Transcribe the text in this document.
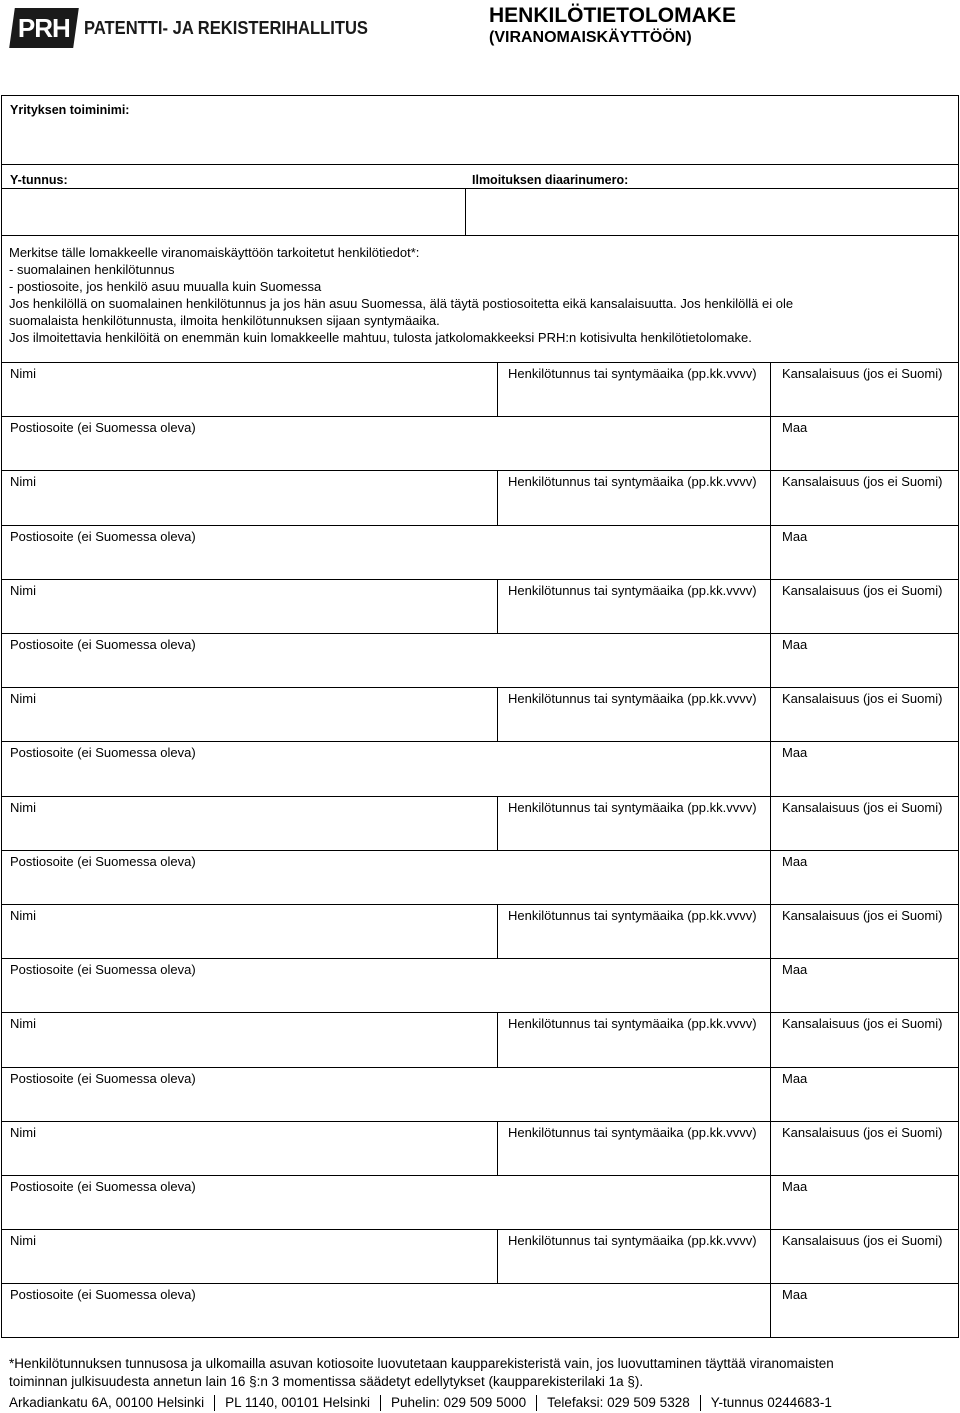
PRH PATENTTI- JA REKISTERIHALLITUS
HENKILÖTIETOLOMAKE
(VIRANOMAISKÄYTTÖÖN)
Yrityksen toiminimi:
Y-tunnus:	Ilmoituksen diaarinumero:
Merkitse tälle lomakkeelle viranomaiskäyttöön tarkoitetut henkilötiedot*:
- suomalainen henkilötunnus
- postiosoite, jos henkilö asuu muualla kuin Suomessa
Jos henkilöllä on suomalainen henkilötunnus ja jos hän asuu Suomessa, älä täytä postiosoitetta eikä kansalaisuutta. Jos henkilöllä ei ole
suomalaista henkilötunnusta, ilmoita henkilötunnuksen sijaan syntymäaika.
Jos ilmoitettavia henkilöitä on enemmän kuin lomakkeelle mahtuu, tulosta jatkolomakkeeksi PRH:n kotisivulta henkilötietolomake.
Nimi	Henkilötunnus tai syntymäaika (pp.kk.vvvv) Kansalaisuus (jos ei Suomi)
Postiosoite (ei Suomessa oleva)	Maa
Nimi	Henkilötunnus tai syntymäaika (pp.kk.vvvv) Kansalaisuus (jos ei Suomi)
Postiosoite (ei Suomessa oleva)	Maa
Nimi	Henkilötunnus tai syntymäaika (pp.kk.vvvv) Kansalaisuus (jos ei Suomi)
Postiosoite (ei Suomessa oleva)	Maa
Nimi	Henkilötunnus tai syntymäaika (pp.kk.vvvv) Kansalaisuus (jos ei Suomi)
Postiosoite (ei Suomessa oleva)	Maa
Nimi	Henkilötunnus tai syntymäaika (pp.kk.vvvv) Kansalaisuus (jos ei Suomi)
Postiosoite (ei Suomessa oleva)	Maa
Nimi	Henkilötunnus tai syntymäaika (pp.kk.vvvv) Kansalaisuus (jos ei Suomi)
Postiosoite (ei Suomessa oleva)	Maa
Nimi	Henkilötunnus tai syntymäaika (pp.kk.vvvv) Kansalaisuus (jos ei Suomi)
Postiosoite (ei Suomessa oleva)	Maa
Nimi	Henkilötunnus tai syntymäaika (pp.kk.vvvv) Kansalaisuus (jos ei Suomi)
Postiosoite (ei Suomessa oleva)	Maa
Nimi	Henkilötunnus tai syntymäaika (pp.kk.vvvv) Kansalaisuus (jos ei Suomi)
Postiosoite (ei Suomessa oleva)	Maa
*Henkilötunnuksen tunnusosa ja ulkomailla asuvan kotiosoite luovutetaan kaupparekisteristä vain, jos luovuttaminen täyttää viranomaisten
toiminnan julkisuudesta annetun lain 16 §:n 3 momentissa säädetyt edellytykset (kaupparekisterilaki 1a §).
Arkadiankatu 6A, 00100 Helsinki PL 1140, 00101 Helsinki Puhelin: 029 509 5000 Telefaksi: 029 509 5328 Y-tunnus 0244683-1
